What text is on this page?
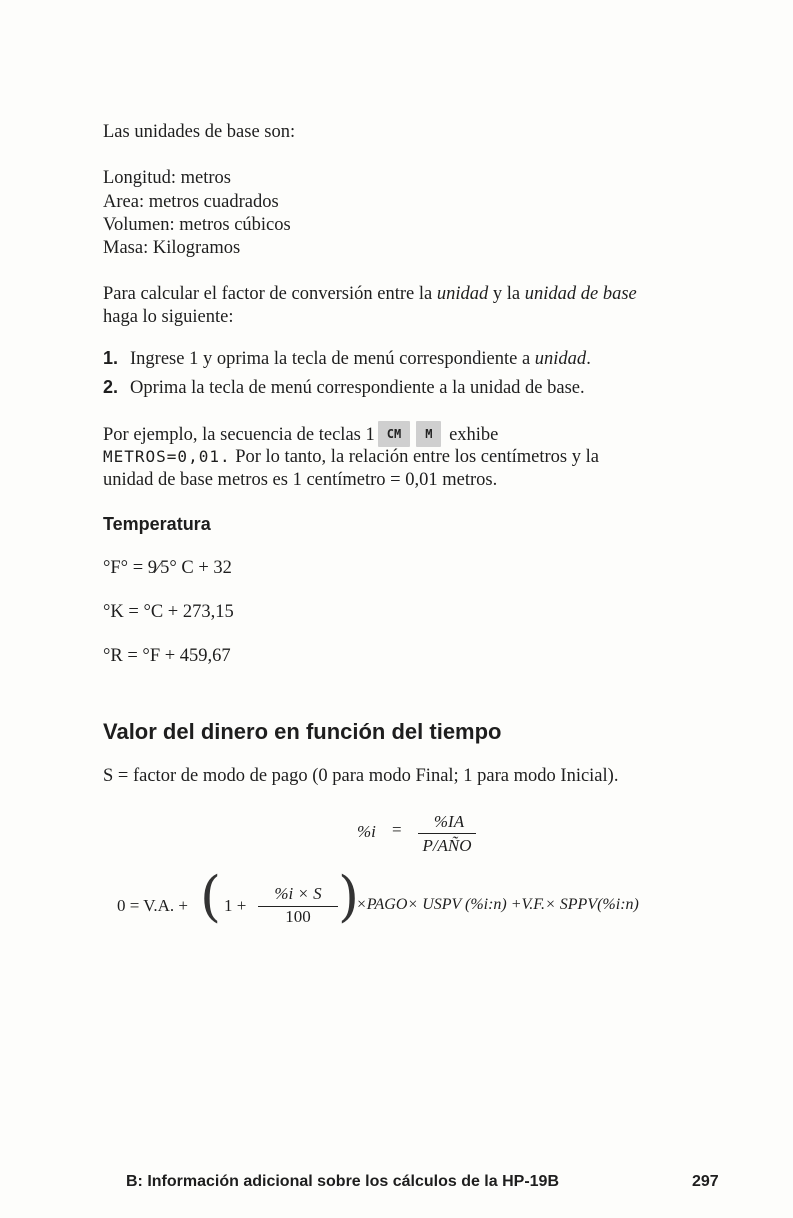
Las unidades de base son:
Longitud: metros
Area: metros cuadrados
Volumen: metros cúbicos
Masa: Kilogramos
Para calcular el factor de conversión entre la unidad y la unidad de base
haga lo siguiente:
1. Ingrese 1 y oprima la tecla de menú correspondiente a unidad.
2. Oprima la tecla de menú correspondiente a la unidad de base.
Por ejemplo, la secuencia de teclas 1 CM M exhibe
METROS=0,01. Por lo tanto, la relación entre los centímetros y la
unidad de base metros es 1 centímetro = 0,01 metros.
Temperatura
°F° = 9⁄5° C + 32
°K = °C + 273,15
°R = °F + 459,67
Valor del dinero en función del tiempo
S = factor de modo de pago (0 para modo Final; 1 para modo Inicial).
%i =	%IA
P/AÑO
0 = V.A. + ( 1 +
%i × S
100 )
×PAGO× USPV (%i:n) +V.F.× SPPV(%i:n)
B: Información adicional sobre los cálculos de la HP-19B	297
